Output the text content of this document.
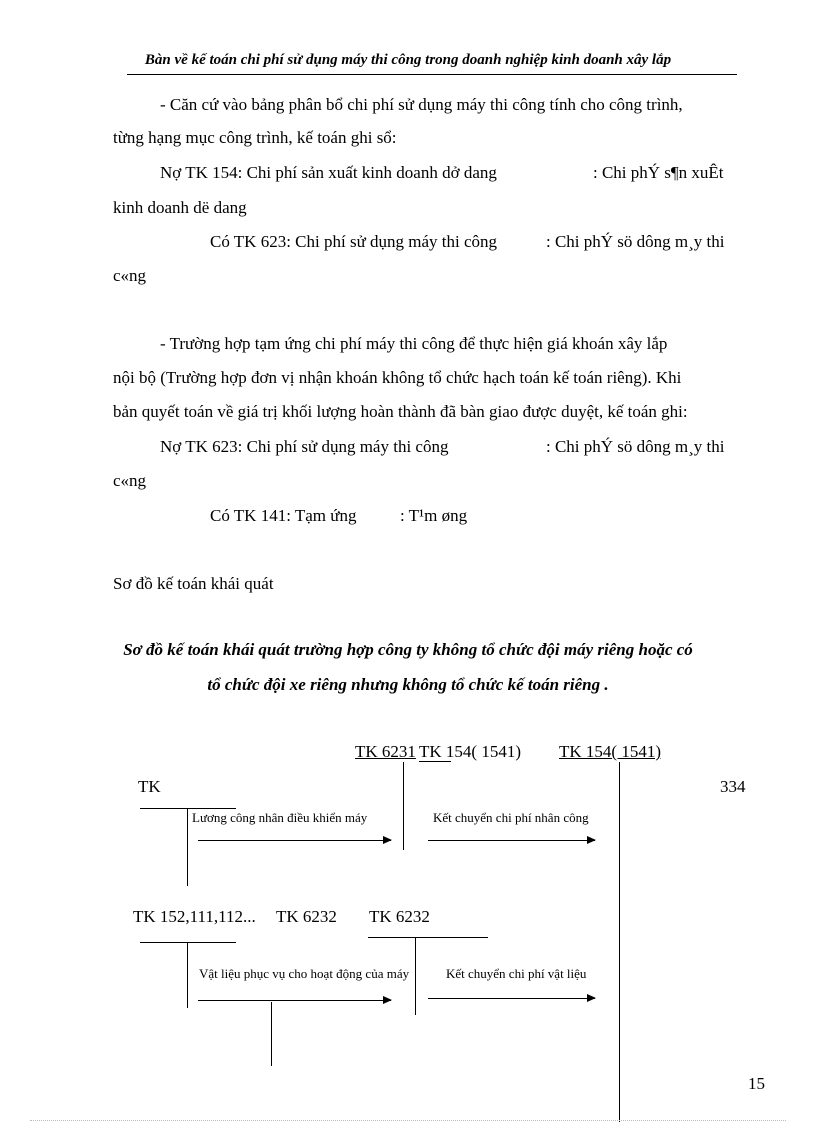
Bàn về kế toán chi phí sử dụng máy thi công trong doanh nghiệp kinh doanh xây lắp
- Căn cứ vào bảng phân bổ chi phí sử dụng máy thi công tính cho công trình,
từng hạng mục công trình, kế toán ghi sổ:
Nợ TK 154: Chi phí sản xuất kinh doanh dở dang	: Chi phÝ s¶n xuÊt
kinh doanh dë dang
Có TK 623: Chi phí sử dụng máy thi công	: Chi phÝ sö dông m¸y thi
c«ng
- Trường hợp tạm ứng chi phí máy thi công để thực hiện giá khoán xây lắp
nội bộ (Trường hợp đơn vị nhận khoán không tổ chức hạch toán kế toán riêng). Khi
bản quyết toán về giá trị khối lượng hoàn thành đã bàn giao được duyệt, kế toán ghi:
Nợ TK 623: Chi phí sử dụng máy thi công	: Chi phÝ sö dông m¸y thi
c«ng
Có TK 141: Tạm ứng	: T¹m øng
Sơ đồ kế toán khái quát
Sơ đồ kế toán khái quát trường hợp công ty không tổ chức đội máy riêng hoặc có
tổ chức đội xe riêng nhưng không tổ chức kế toán riêng .
TK 6231 TK 154( 1541) TK 154( 1541)
TK	334
Lương công nhân điều khiển máy	Kết chuyển chi phí nhân công
TK 152,111,112... TK 6232 TK 6232
Vật liệu phục vụ cho hoạt động của máy	Kết chuyển chi phí vật liệu
15
